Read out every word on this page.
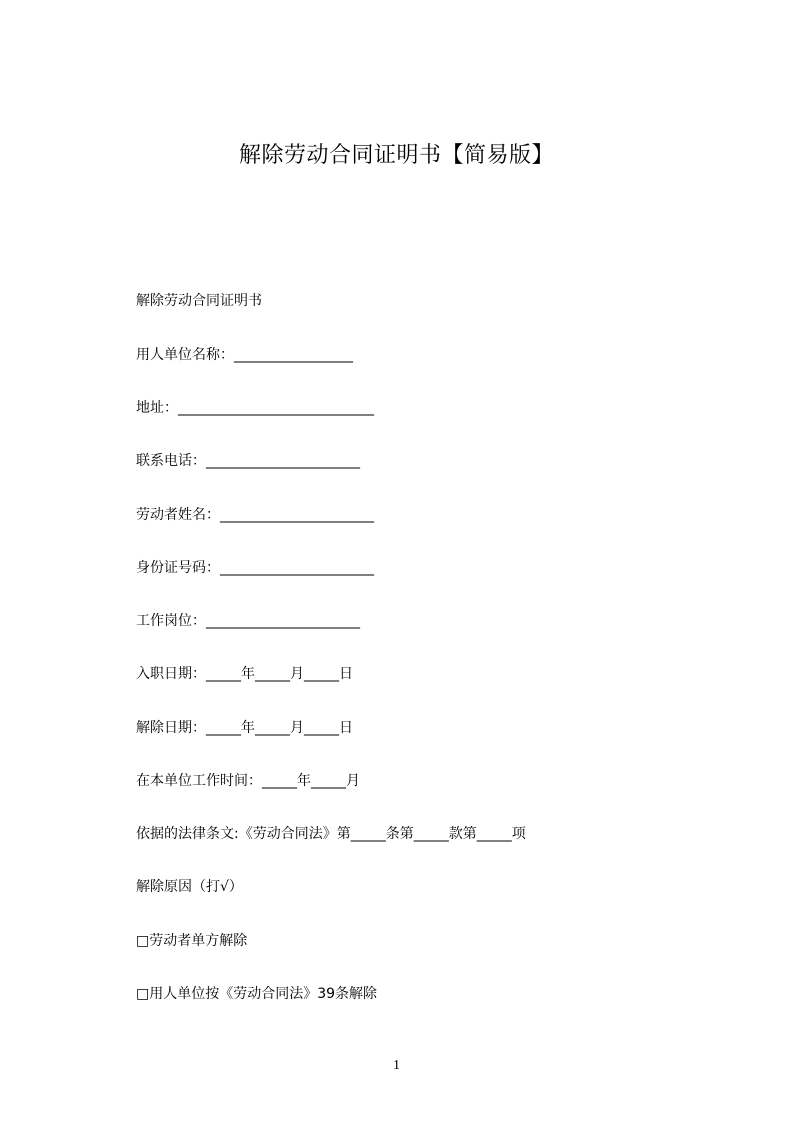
解除劳动合同证明书【简易版】
解除劳动合同证明书
用人单位名称：_________________
地址：____________________________
联系电话：______________________
劳动者姓名：______________________
身份证号码：______________________
工作岗位：______________________
入职日期：_____年_____月_____日
解除日期：_____年_____月_____日
在本单位工作时间：_____年_____月
依据的法律条文:《劳动合同法》第_____条第_____款第_____项
解除原因（打√）
□劳动者单方解除
□用人单位按《劳动合同法》39条解除
1
